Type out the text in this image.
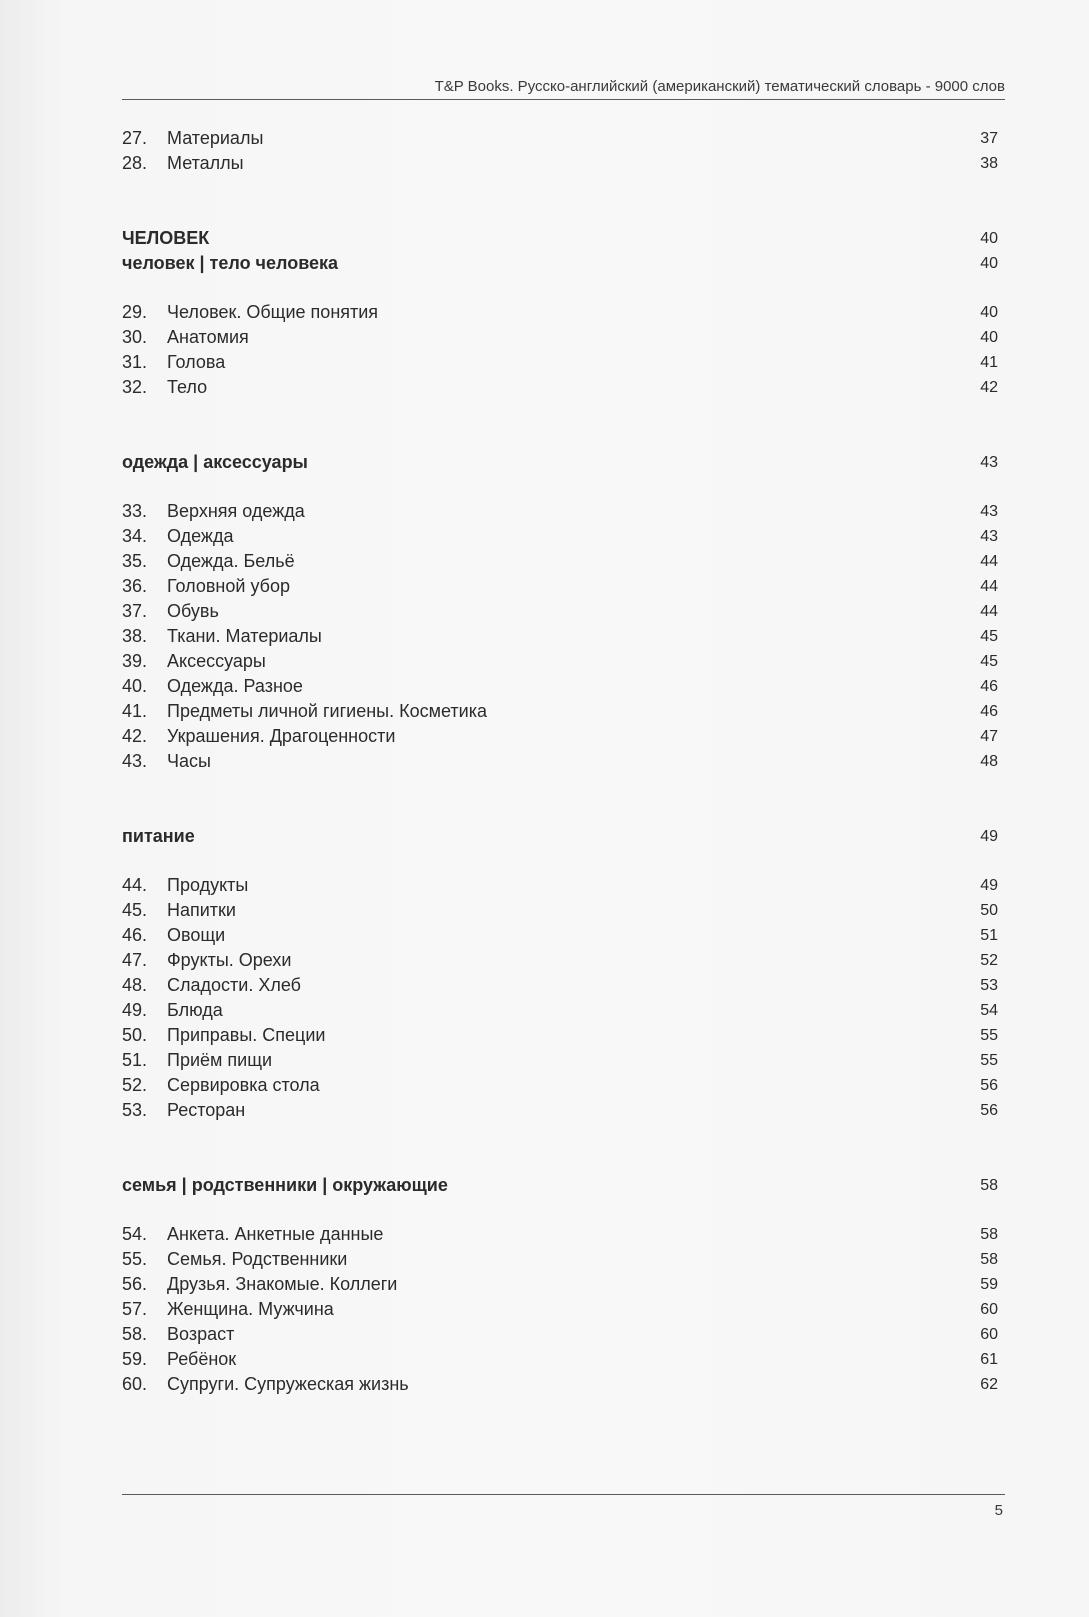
T&P Books. Русско-английский (американский) тематический словарь - 9000 слов
27.	Материалы	37
28.	Металлы	38
ЧЕЛОВЕК	40
человек | тело человека	40
29.	Человек. Общие понятия	40
30.	Анатомия	40
31.	Голова	41
32.	Тело	42
одежда | аксессуары	43
33.	Верхняя одежда	43
34.	Одежда	43
35.	Одежда. Бельё	44
36.	Головной убор	44
37.	Обувь	44
38.	Ткани. Материалы	45
39.	Аксессуары	45
40.	Одежда. Разное	46
41.	Предметы личной гигиены. Косметика	46
42.	Украшения. Драгоценности	47
43.	Часы	48
питание	49
44.	Продукты	49
45.	Напитки	50
46.	Овощи	51
47.	Фрукты. Орехи	52
48.	Сладости. Хлеб	53
49.	Блюда	54
50.	Приправы. Специи	55
51.	Приём пищи	55
52.	Сервировка стола	56
53.	Ресторан	56
семья | родственники | окружающие	58
54.	Анкета. Анкетные данные	58
55.	Семья. Родственники	58
56.	Друзья. Знакомые. Коллеги	59
57.	Женщина. Мужчина	60
58.	Возраст	60
59.	Ребёнок	61
60.	Супруги. Супружеская жизнь	62
5
